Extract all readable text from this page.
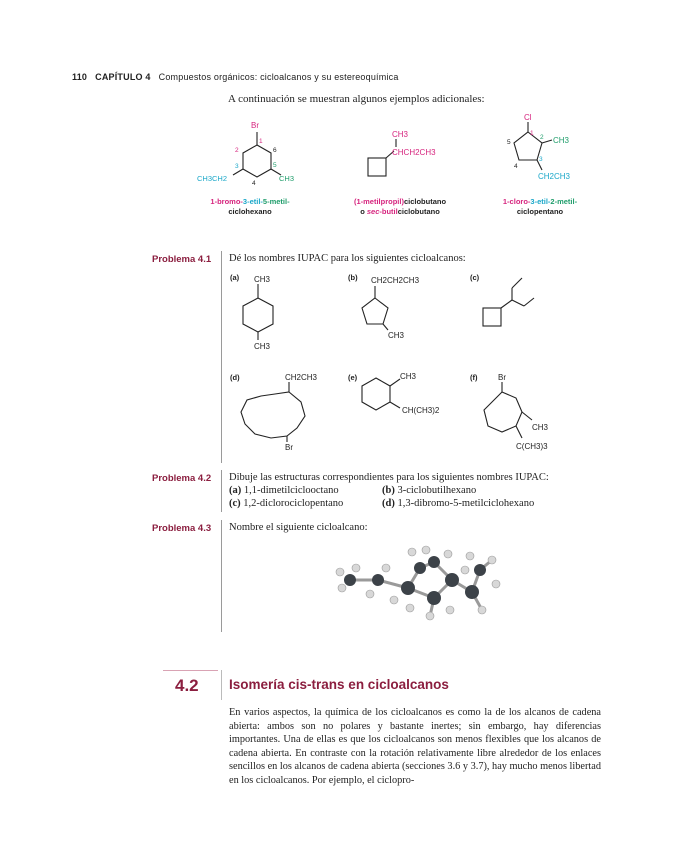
110 CAPÍTULO 4 Compuestos orgánicos: cicloalcanos y su estereoquímica
A continuación se muestran algunos ejemplos adicionales:
Br
1
2
3
4
5
6
CH3CH2	CH3
1-bromo-3-etil-5-metil-
ciclohexano
CH3
CHCH2CH3
(1-metilpropil)ciclobutano
o sec-butilciclobutano
Cl
1
2
3
4
5	CH3
CH2CH3
1-cloro-3-etil-2-metil-
ciclopentano
Problema 4.1 Dé los nombres IUPAC para los siguientes cicloalcanos:
(a) CH3
CH3
(b) CH2CH2CH3
CH3
(c)
(d)	CH2CH3
Br
(e)	CH3
CH(CH3)2
(f)	Br
CH3
C(CH3)3
Problema 4.2 Dibuje las estructuras correspondientes para los siguientes nombres IUPAC:
(a) 1,1-dimetilciclooctano	(b) 3-ciclobutilhexano
(c) 1,2-diclorociclopentano	(d) 1,3-dibromo-5-metilciclohexano
Problema 4.3 Nombre el siguiente cicloalcano:
4.2 Isomería cis-trans en cicloalcanos
En varios aspectos, la química de los cicloalcanos es como la de los alcanos de cadena abierta: ambos son no polares y bastante inertes; sin embargo, hay diferencias importantes. Una de ellas es que los cicloalcanos son menos flexibles que los alcanos de cadena abierta. En contraste con la rotación relativamente libre alrededor de los enlaces sencillos en los alcanos de cadena abierta (secciones 3.6 y 3.7), hay mucho menos libertad en los cicloalcanos. Por ejemplo, el ciclopro-
